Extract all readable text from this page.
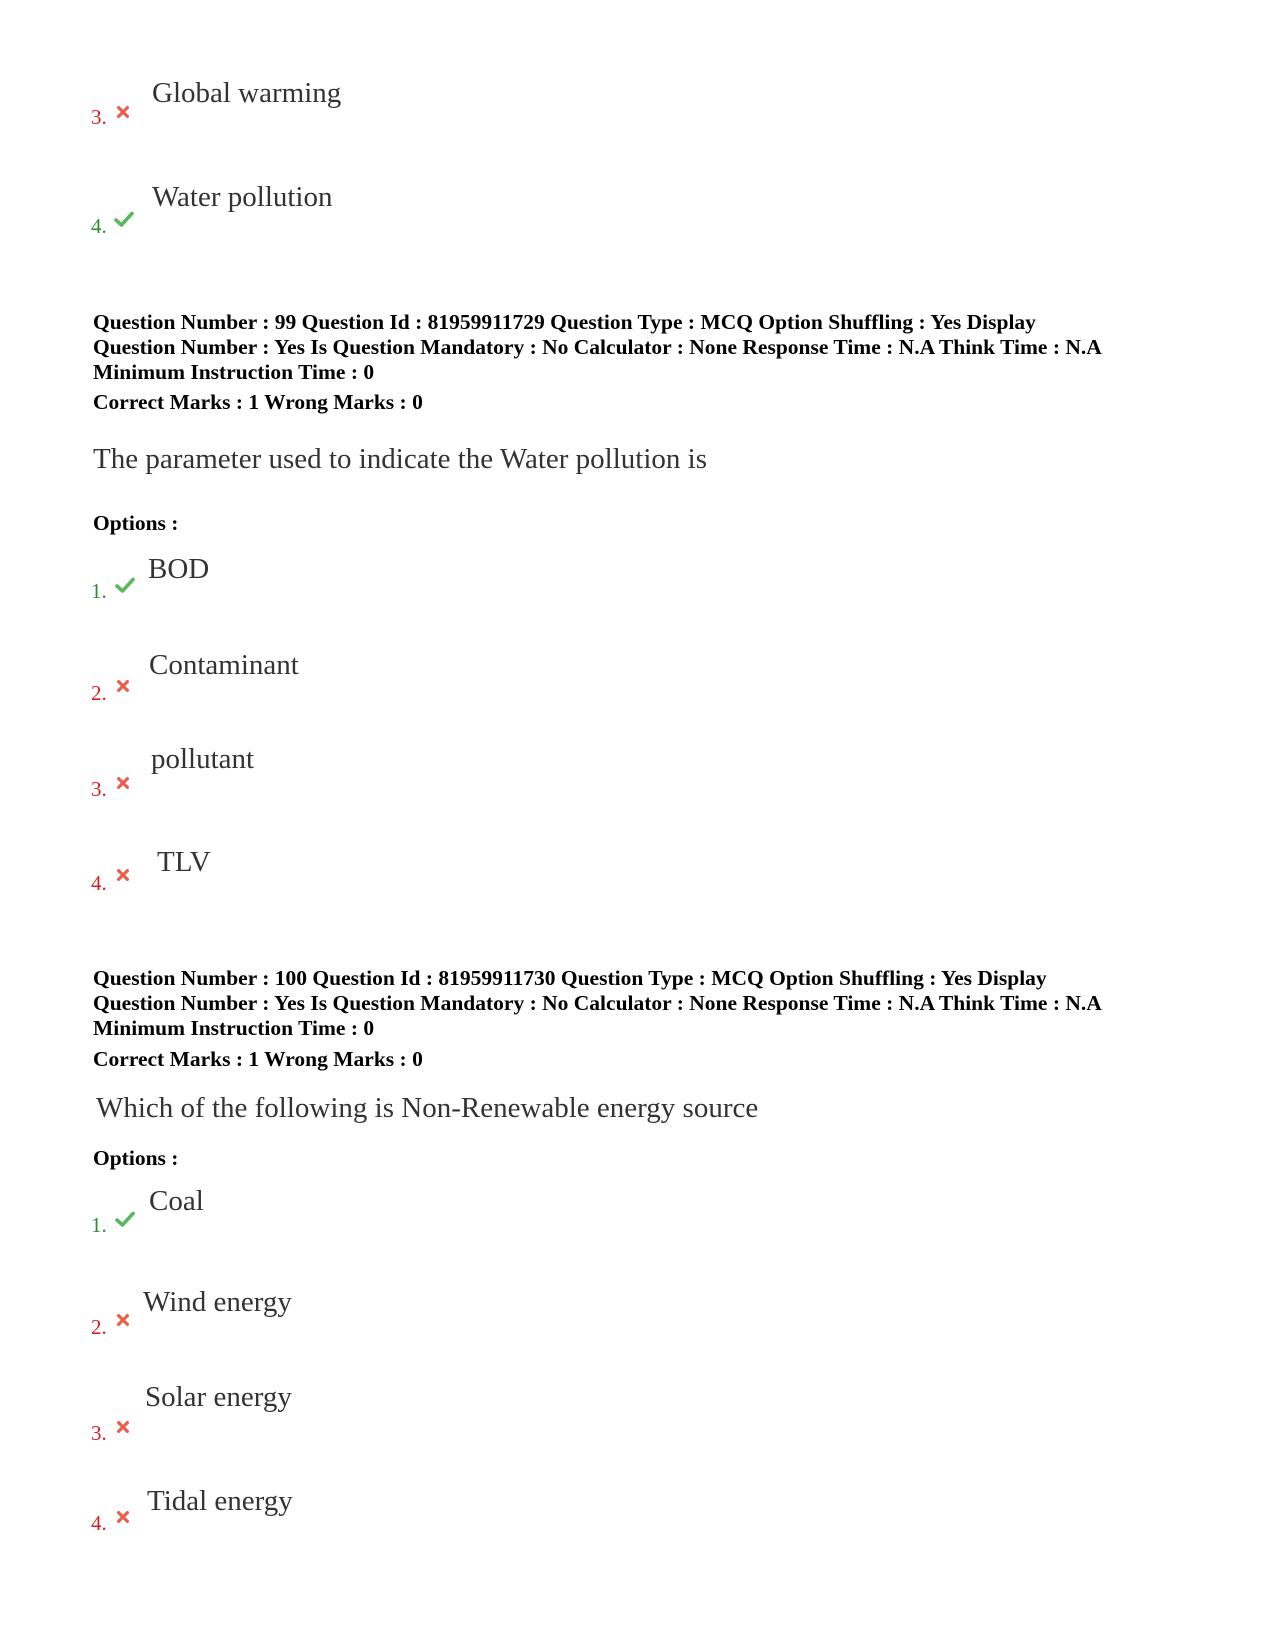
3.
Global warming
4.
Water pollution
Question Number : 99 Question Id : 81959911729 Question Type : MCQ Option Shuffling : Yes Display
Question Number : Yes Is Question Mandatory : No Calculator : None Response Time : N.A Think Time : N.A
Minimum Instruction Time : 0
Correct Marks : 1 Wrong Marks : 0
The parameter used to indicate the Water pollution is
Options :
1.
BOD
2.
Contaminant
3.
pollutant
4.
TLV
Question Number : 100 Question Id : 81959911730 Question Type : MCQ Option Shuffling : Yes Display
Question Number : Yes Is Question Mandatory : No Calculator : None Response Time : N.A Think Time : N.A
Minimum Instruction Time : 0
Correct Marks : 1 Wrong Marks : 0
Which of the following is Non-Renewable energy source
Options :
1.
Coal
2.
Wind energy
3.
Solar energy
4.
Tidal energy
